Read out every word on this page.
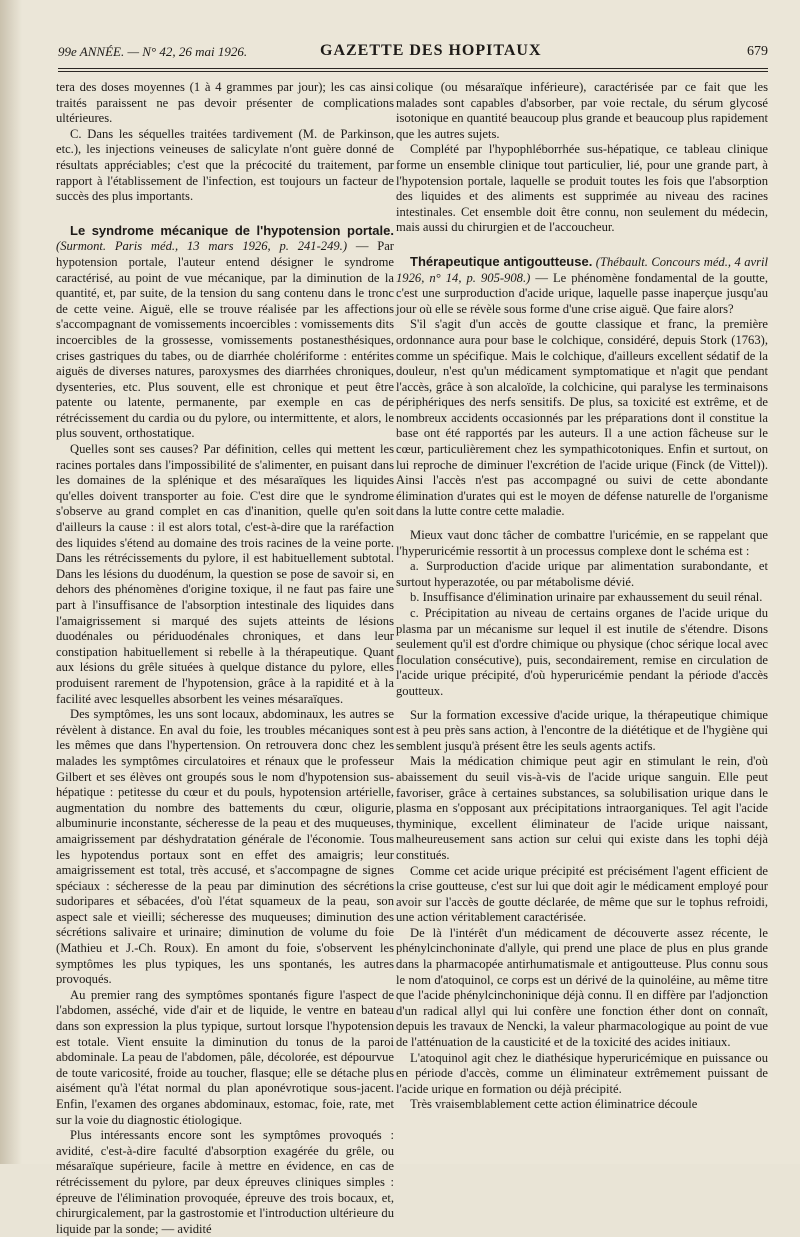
99e ANNÉE. — N° 42, 26 mai 1926.	GAZETTE DES HOPITAUX	679

tera des doses moyennes (1 à 4 grammes par jour); les cas ainsi traités paraissent ne pas devoir présenter de complications ultérieures.

C. Dans les séquelles traitées tardivement (M. de Parkinson, etc.), les injections veineuses de salicylate n'ont guère donné de résultats appréciables; c'est que la précocité du traitement, par rapport à l'établissement de l'infection, est toujours un facteur de succès des plus importants.

Le syndrome mécanique de l'hypotension portale. (Surmont. Paris méd., 13 mars 1926, p. 241-249.) — Par hypotension portale, l'auteur entend désigner le syndrome caractérisé, au point de vue mécanique, par la diminution de la quantité, et, par suite, de la tension du sang contenu dans le tronc de cette veine. Aiguë, elle se trouve réalisée par les affections s'accompagnant de vomissements incoercibles : vomissements dits incoercibles de la grossesse, vomissements postanesthésiques, crises gastriques du tabes, ou de diarrhée cholériforme : entérites aiguës de diverses natures, paroxysmes des diarrhées chroniques, dysenteries, etc. Plus souvent, elle est chronique et peut être patente ou latente, permanente, par exemple en cas de rétrécissement du cardia ou du pylore, ou intermittente, et alors, le plus souvent, orthostatique.

Quelles sont ses causes? Par définition, celles qui mettent les racines portales dans l'impossibilité de s'alimenter, en puisant dans les domaines de la splénique et des mésaraïques les liquides qu'elles doivent transporter au foie. C'est dire que le syndrome s'observe au grand complet en cas d'inanition, quelle qu'en soit d'ailleurs la cause : il est alors total, c'est-à-dire que la raréfaction des liquides s'étend au domaine des trois racines de la veine porte. Dans les rétrécissements du pylore, il est habituellement subtotal. Dans les lésions du duodénum, la question se pose de savoir si, en dehors des phénomènes d'origine toxique, il ne faut pas faire une part à l'insuffisance de l'absorption intestinale des liquides dans l'amaigrissement si marqué des sujets atteints de lésions duodénales ou périduodénales chroniques, et dans leur constipation habituellement si rebelle à la thérapeutique. Quant aux lésions du grêle situées à quelque distance du pylore, elles produisent rarement de l'hypotension, grâce à la rapidité et à la facilité avec lesquelles absorbent les veines mésaraïques.

Des symptômes, les uns sont locaux, abdominaux, les autres se révèlent à distance. En aval du foie, les troubles mécaniques sont les mêmes que dans l'hypertension. On retrouvera donc chez les malades les symptômes circulatoires et rénaux que le professeur Gilbert et ses élèves ont groupés sous le nom d'hypotension sus-hépatique : petitesse du cœur et du pouls, hypotension artérielle, augmentation du nombre des battements du cœur, oligurie, albuminurie inconstante, sécheresse de la peau et des muqueuses, amaigrissement par déshydratation générale de l'économie. Tous les hypotendus portaux sont en effet des amaigris; leur amaigrissement est total, très accusé, et s'accompagne de signes spéciaux : sécheresse de la peau par diminution des sécrétions sudoripares et sébacées, d'où l'état squameux de la peau, son aspect sale et vieilli; sécheresse des muqueuses; diminution des sécrétions salivaire et urinaire; diminution de volume du foie (Mathieu et J.-Ch. Roux). En amont du foie, s'observent les symptômes les plus typiques, les uns spontanés, les autres provoqués.

Au premier rang des symptômes spontanés figure l'aspect de l'abdomen, asséché, vide d'air et de liquide, le ventre en bateau dans son expression la plus typique, surtout lorsque l'hypotension est totale. Vient ensuite la diminution du tonus de la paroi abdominale. La peau de l'abdomen, pâle, décolorée, est dépourvue de toute varicosité, froide au toucher, flasque; elle se détache plus aisément qu'à l'état normal du plan aponévrotique sous-jacent. Enfin, l'examen des organes abdominaux, estomac, foie, rate, met sur la voie du diagnostic étiologique.

Plus intéressants encore sont les symptômes provoqués : avidité, c'est-à-dire faculté d'absorption exagérée du grêle, ou mésaraïque supérieure, facile à mettre en évidence, en cas de rétrécissement du pylore, par deux épreuves cliniques simples : épreuve de l'élimination provoquée, épreuve des trois bocaux, et, chirurgicalement, par la gastrostomie et l'introduction ultérieure du liquide par la sonde; — avidité

colique (ou mésaraïque inférieure), caractérisée par ce fait que les malades sont capables d'absorber, par voie rectale, du sérum glycosé isotonique en quantité beaucoup plus grande et beaucoup plus rapidement que les autres sujets.

Complété par l'hypophléborrhée sus-hépatique, ce tableau clinique forme un ensemble clinique tout particulier, lié, pour une grande part, à l'hypotension portale, laquelle se produit toutes les fois que l'absorption des liquides et des aliments est supprimée au niveau des racines intestinales. Cet ensemble doit être connu, non seulement du médecin, mais aussi du chirurgien et de l'accoucheur.

Thérapeutique antigoutteuse. (Thébault. Concours méd., 4 avril 1926, n° 14, p. 905-908.) — Le phénomène fondamental de la goutte, c'est une surproduction d'acide urique, laquelle passe inaperçue jusqu'au jour où elle se révèle sous forme d'une crise aiguë. Que faire alors?

S'il s'agit d'un accès de goutte classique et franc, la première ordonnance aura pour base le colchique, considéré, depuis Stork (1763), comme un spécifique. Mais le colchique, d'ailleurs excellent sédatif de la douleur, n'est qu'un médicament symptomatique et n'agit que pendant l'accès, grâce à son alcaloïde, la colchicine, qui paralyse les terminaisons périphériques des nerfs sensitifs. De plus, sa toxicité est extrême, et de nombreux accidents occasionnés par les préparations dont il constitue la base ont été rapportés par les auteurs. Il a une action fâcheuse sur le cœur, particulièrement chez les sympathicotoniques. Enfin et surtout, on lui reproche de diminuer l'excrétion de l'acide urique (Finck (de Vittel)). Ainsi l'accès n'est pas accompagné ou suivi de cette abondante élimination d'urates qui est le moyen de défense naturelle de l'organisme dans la lutte contre cette maladie.

Mieux vaut donc tâcher de combattre l'uricémie, en se rappelant que l'hyperuricémie ressortit à un processus complexe dont le schéma est :

a. Surproduction d'acide urique par alimentation surabondante, et surtout hyperazotée, ou par métabolisme dévié.

b. Insuffisance d'élimination urinaire par exhaussement du seuil rénal.

c. Précipitation au niveau de certains organes de l'acide urique du plasma par un mécanisme sur lequel il est inutile de s'étendre. Disons seulement qu'il est d'ordre chimique ou physique (choc sérique local avec floculation consécutive), puis, secondairement, remise en circulation de l'acide urique précipité, d'où hyperuricémie pendant la période d'accès goutteux.

Sur la formation excessive d'acide urique, la thérapeutique chimique est à peu près sans action, à l'encontre de la diététique et de l'hygiène qui semblent jusqu'à présent être les seuls agents actifs.

Mais la médication chimique peut agir en stimulant le rein, d'où abaissement du seuil vis-à-vis de l'acide urique sanguin. Elle peut favoriser, grâce à certaines substances, sa solubilisation urique dans le plasma en s'opposant aux précipitations intraorganiques. Tel agit l'acide thyminique, excellent éliminateur de l'acide urique naissant, malheureusement sans action sur celui qui existe dans les tophi déjà constitués.

Comme cet acide urique précipité est précisément l'agent efficient de la crise goutteuse, c'est sur lui que doit agir le médicament employé pour avoir sur l'accès de goutte déclarée, de même que sur le tophus refroidi, une action véritablement caractérisée.

De là l'intérêt d'un médicament de découverte assez récente, le phénylcinchoninate d'allyle, qui prend une place de plus en plus grande dans la pharmacopée antirhumatismale et antigoutteuse. Plus connu sous le nom d'atoquinol, ce corps est un dérivé de la quinoléine, au même titre que l'acide phénylcinchoninique déjà connu. Il en diffère par l'adjonction d'un radical allyl qui lui confère une fonction éther dont on connaît, depuis les travaux de Nencki, la valeur pharmacologique au point de vue de l'atténuation de la causticité et de la toxicité des acides initiaux.

L'atoquinol agit chez le diathésique hyperuricémique en puissance ou en période d'accès, comme un éliminateur extrêmement puissant de l'acide urique en formation ou déjà précipité.

Très vraisemblablement cette action éliminatrice découle
